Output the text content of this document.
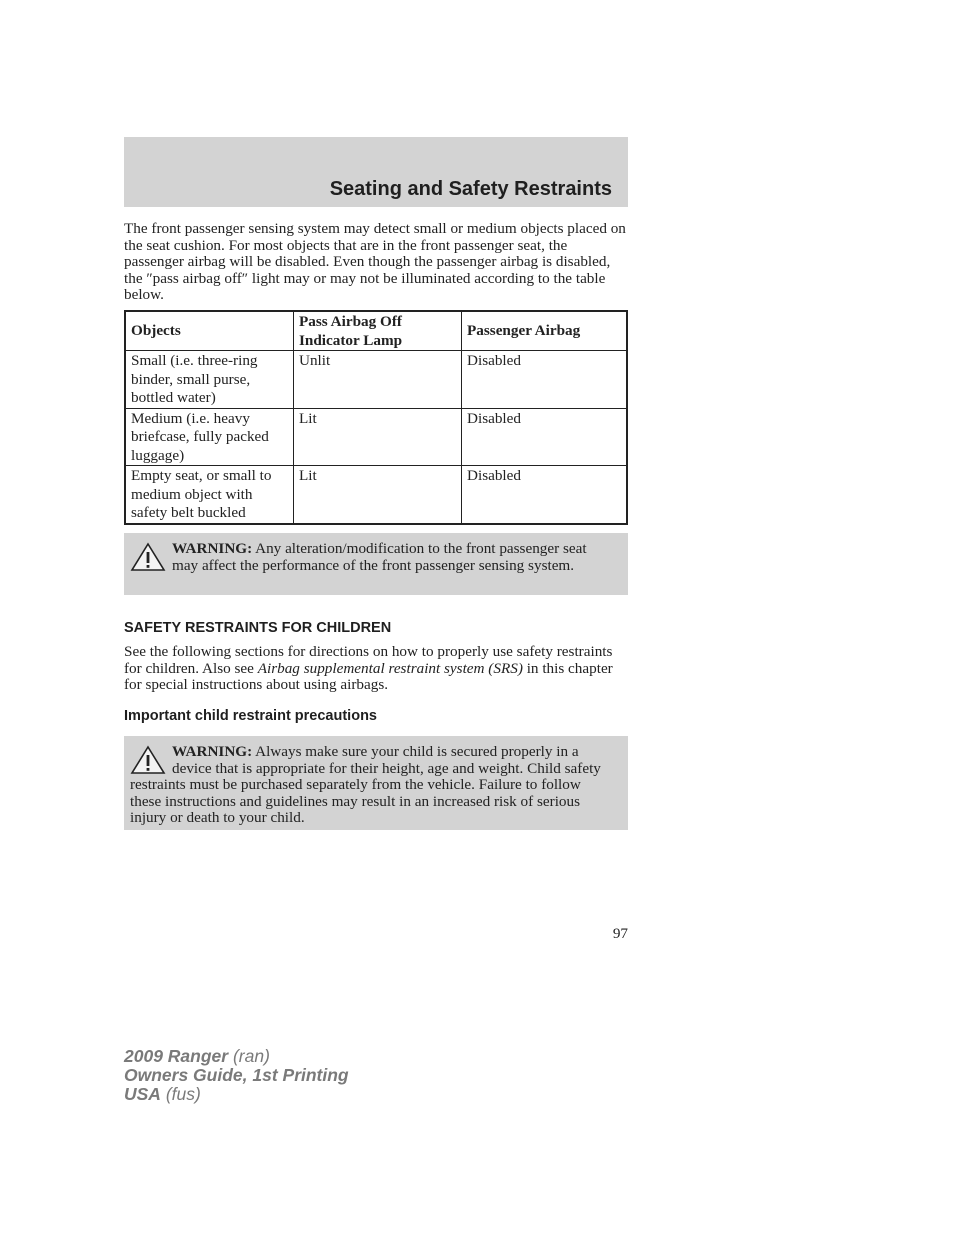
Seating and Safety Restraints
The front passenger sensing system may detect small or medium objects placed on the seat cushion. For most objects that are in the front passenger seat, the passenger airbag will be disabled. Even though the passenger airbag is disabled, the ″pass airbag off″ light may or may not be illuminated according to the table below.
Objects	Pass Airbag Off Indicator Lamp	Passenger Airbag
Small (i.e. three-ring binder, small purse, bottled water)	Unlit	Disabled
Medium (i.e. heavy briefcase, fully packed luggage)	Lit	Disabled
Empty seat, or small to medium object with safety belt buckled	Lit	Disabled
WARNING: Any alteration/modification to the front passenger seat may affect the performance of the front passenger sensing system.
SAFETY RESTRAINTS FOR CHILDREN
See the following sections for directions on how to properly use safety restraints for children. Also see Airbag supplemental restraint system (SRS) in this chapter for special instructions about using airbags.
Important child restraint precautions
WARNING: Always make sure your child is secured properly in a device that is appropriate for their height, age and weight. Child safety restraints must be purchased separately from the vehicle. Failure to follow these instructions and guidelines may result in an increased risk of serious injury or death to your child.
97
2009 Ranger (ran)
Owners Guide, 1st Printing
USA (fus)
